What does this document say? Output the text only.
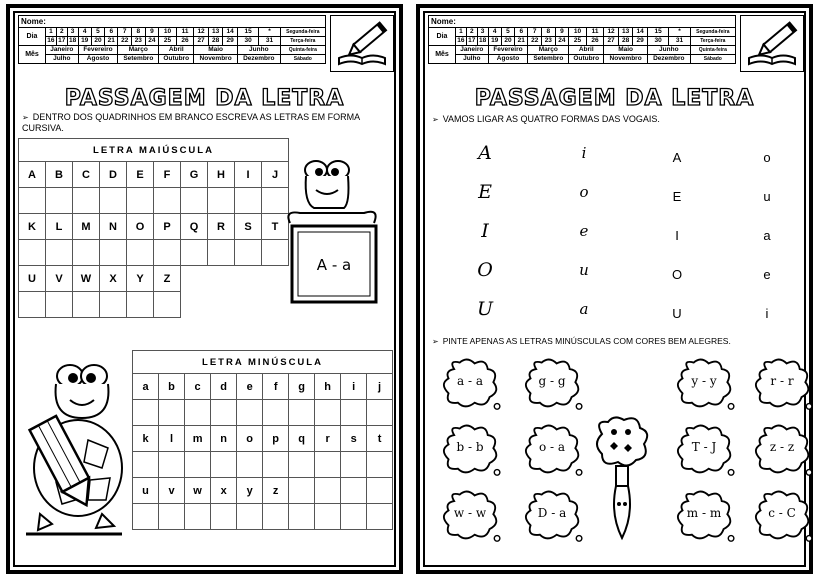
Nome:																	
Dia	1	2	3	4	5	6	7	8	9	10	11	12	13	14	15	*	Segunda-feira
	16	17	18	19	20	21	22	23	24	25	26	27	28	29	30	31	Terça-feira
Mês	Janeiro			Fevereiro			Março			Abril		Maio			Junho		Quinta-feira
	Julho			Agosto			Setembro			Outubro		Novembro			Dezembro		Sábado
PASSAGEM DA LETRA
➢ DENTRO DOS QUADRINHOS EM BRANCO ESCREVA AS LETRAS EM FORMA CURSIVA.
LETRA MAIÚSCULA									
A	B	C	D	E	F	G	H	I	J

K	L	M	N	O	P	Q	R	S	T

U	V	W	X	Y	Z				

A - a
LETRA MINÚSCULA									
a	b	c	d	e	f	g	h	i	j

k	l	m	n	o	p	q	r	s	t

u	v	w	x	y	z				

Nome:																	
Dia	1	2	3	4	5	6	7	8	9	10	11	12	13	14	15	*	Segunda-feira
	16	17	18	19	20	21	22	23	24	25	26	27	28	29	30	31	Terça-feira
Mês	Janeiro			Fevereiro			Março			Abril		Maio			Junho		Quinta-feira
	Julho			Agosto			Setembro			Outubro		Novembro			Dezembro		Sábado
PASSAGEM DA LETRA
➢ VAMOS LIGAR AS QUATRO FORMAS DAS VOGAIS.
A
E
I
O
U
i
o
e
u
a
A
E
I
O
U
o
u
a
e
i
➢ PINTE APENAS AS LETRAS MINÚSCULAS COM CORES BEM ALEGRES.
a - a	g - g	y - y	r - r
b - b	o - a	T - J	z - z
w - w	D - a	m - m	c - C
